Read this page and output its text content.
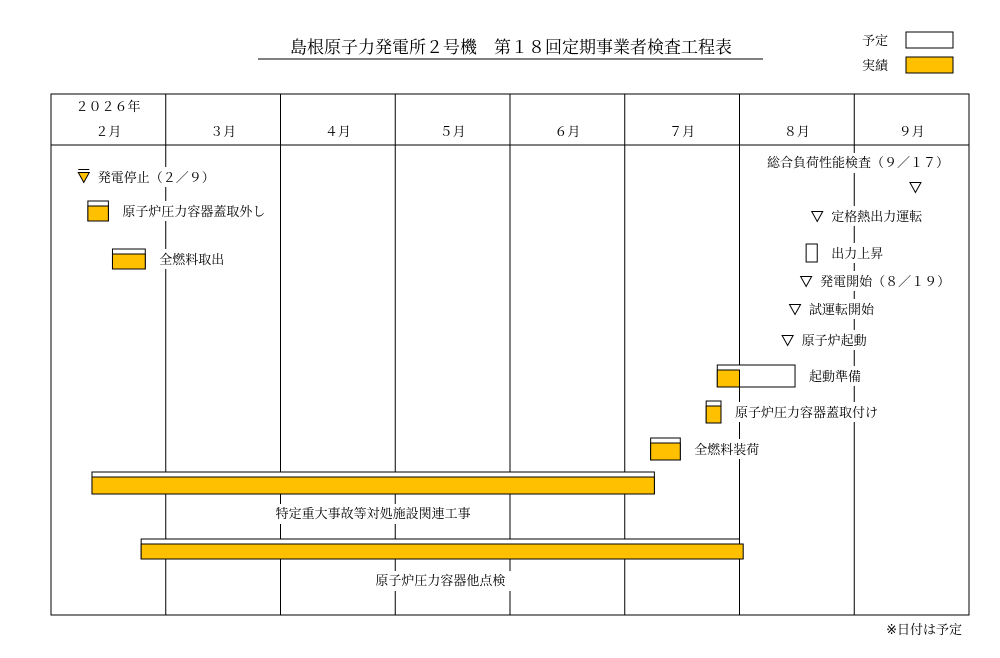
島根原子力発電所２号機　第１８回定期事業者検査工程表	予定
実績
２０２６年
２月	３月	４月	５月	６月	７月	８月	９月
発電停止（２／９）
原子炉圧力容器蓋取外し
全燃料取出
特定重大事故等対処施設関連工事
原子炉圧力容器他点検
全燃料装荷
原子炉圧力容器蓋取付け
起動準備
原子炉起動
試運転開始
発電開始（８／１９）
出力上昇
定格熱出力運転
総合負荷性能検査（９／１７）
※日付は予定
